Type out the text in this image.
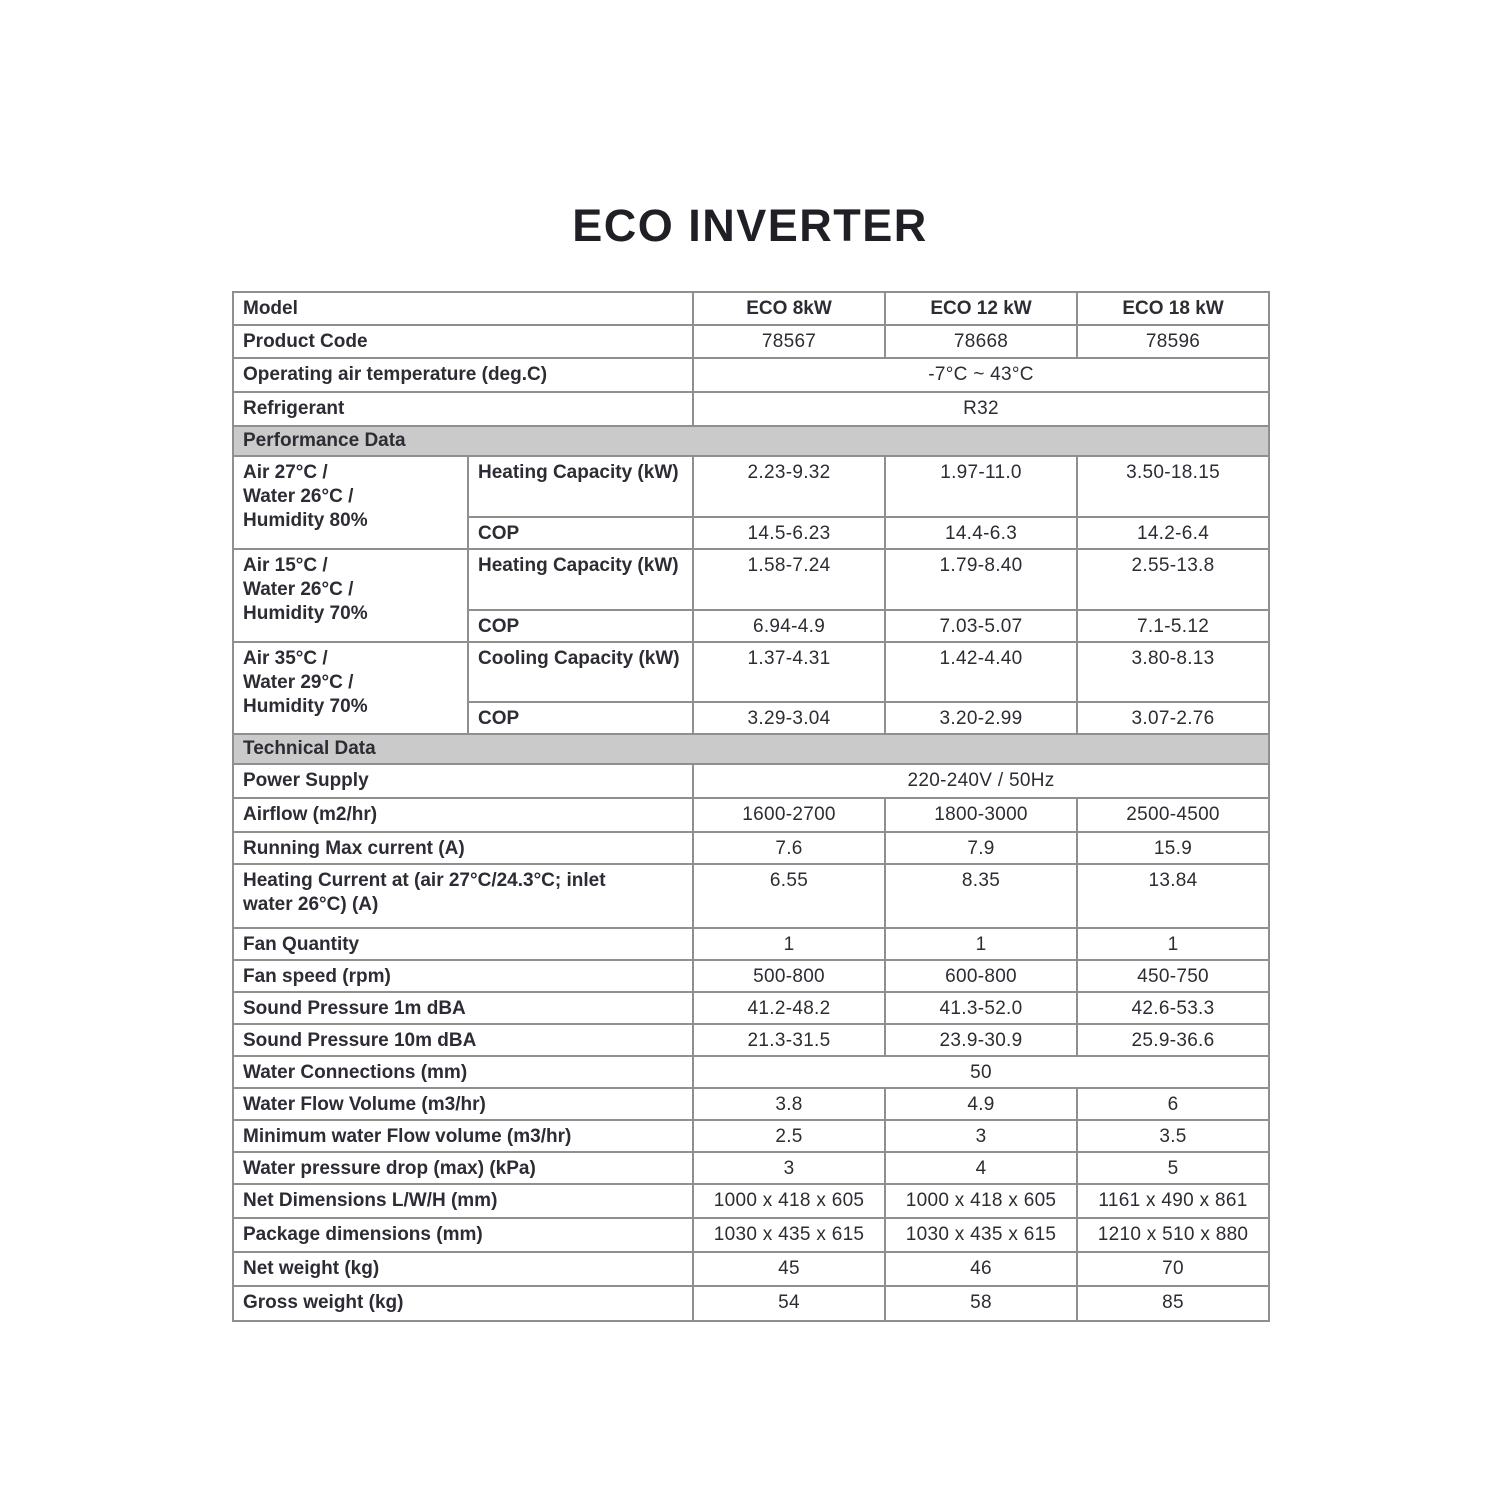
ECO INVERTER
Model		ECO 8kW	ECO 12 kW	ECO 18 kW
Product Code		78567	78668	78596
Operating air temperature (deg.C)		-7°C ~ 43°C		
Refrigerant		R32		
Performance Data				

Air 27°C /
Water 26°C /
Humidity 80%	Heating Capacity (kW)	2.23-9.32	1.97-11.0	3.50-18.15
	COP	14.5-6.23	14.4-6.3	14.2-6.4

Air 15°C /
Water 26°C /
Humidity 70%	Heating Capacity (kW)	1.58-7.24	1.79-8.40	2.55-13.8
	COP	6.94-4.9	7.03-5.07	7.1-5.12

Air 35°C /
Water 29°C /
Humidity 70%	Cooling Capacity (kW)	1.37-4.31	1.42-4.40	3.80-8.13
	COP	3.29-3.04	3.20-2.99	3.07-2.76
Technical Data				
Power Supply		220-240V / 50Hz		
Airflow (m2/hr)		1600-2700	1800-3000	2500-4500
Running Max current (A)		7.6	7.9	15.9
Heating Current at (air 27°C/24.3°C; inlet water 26°C) (A)		6.55	8.35	13.84
Fan Quantity		1	1	1
Fan speed (rpm)		500-800	600-800	450-750
Sound Pressure 1m dBA		41.2-48.2	41.3-52.0	42.6-53.3
Sound Pressure 10m dBA		21.3-31.5	23.9-30.9	25.9-36.6
Water Connections (mm)		50		
Water Flow Volume (m3/hr)		3.8	4.9	6
Minimum water Flow volume (m3/hr)		2.5	3	3.5
Water pressure drop (max) (kPa)		3	4	5
Net Dimensions L/W/H (mm)		1000 x 418 x 605	1000 x 418 x 605	1161 x 490 x 861
Package dimensions (mm)		1030 x 435 x 615	1030 x 435 x 615	1210 x 510 x 880
Net weight (kg)		45	46	70
Gross weight (kg)		54	58	85
